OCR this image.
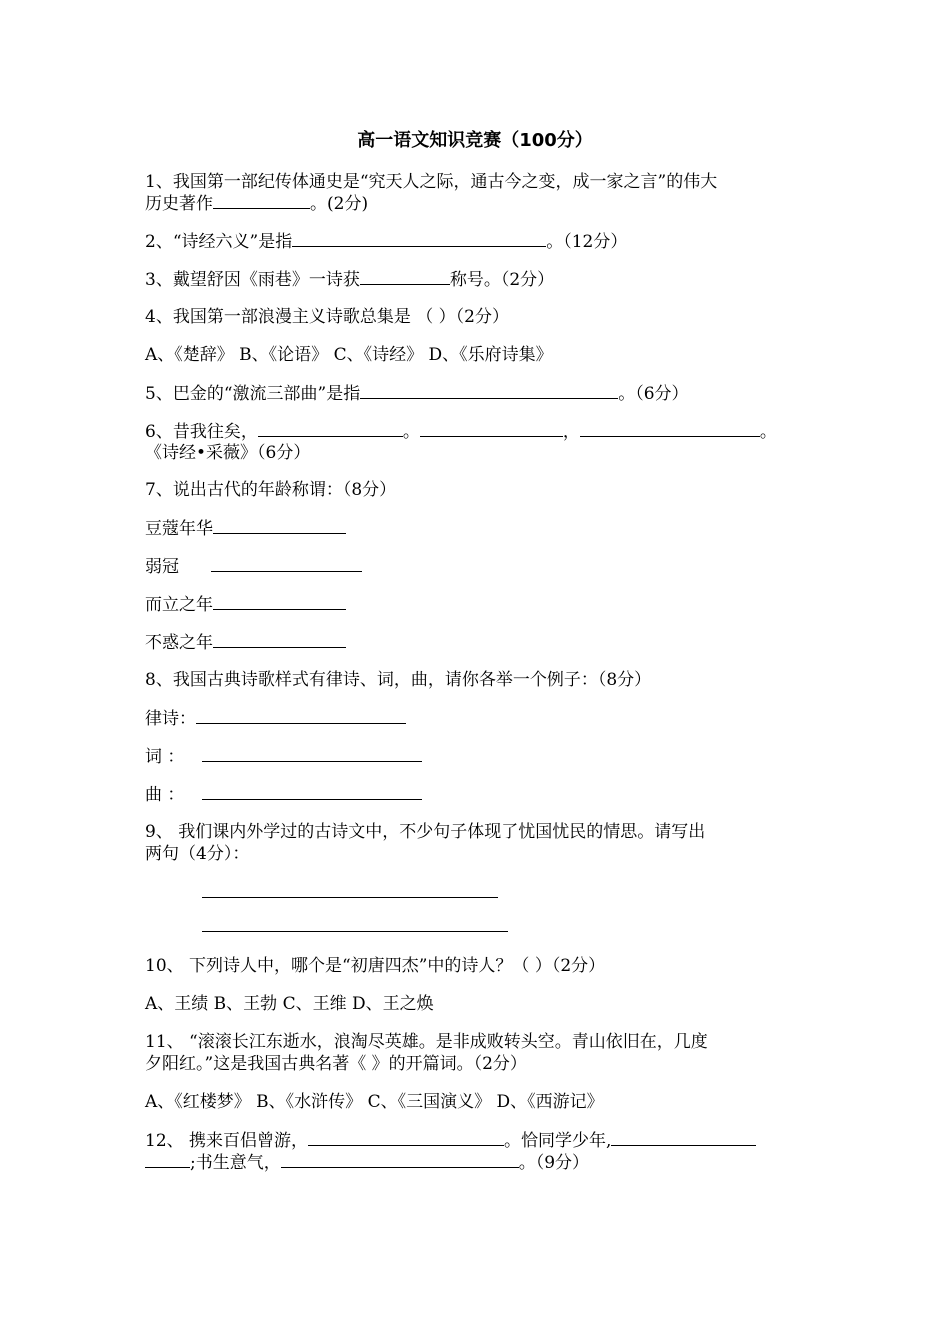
高一语文知识竞赛（100分）
1、我国第一部纪传体通史是“究天人之际，通古今之变，成一家之言”的伟大
历史著作	。(2分)
2、“诗经六义”是指	。（12分）
3、戴望舒因《雨巷》一诗获	称号。（2分）
4、我国第一部浪漫主义诗歌总集是 （ ）（2分）
A、《楚辞》 B、《论语》 C、《诗经》 D、《乐府诗集》
5、巴金的“激流三部曲”是指	。（6分）
6、昔我往矣，	。	，	。
《诗经•采薇》（6分）
7、说出古代的年龄称谓：（8分）
豆蔻年华
弱冠
而立之年
不惑之年
8、我国古典诗歌样式有律诗、词，曲，请你各举一个例子：（8分）
律诗：
词 ：
曲 ：
9、 我们课内外学过的古诗文中，不少句子体现了忧国忧民的情思。请写出
两句（4分）：
10、 下列诗人中，哪个是“初唐四杰”中的诗人？（ ）（2分）
A、王绩 B、王勃 C、王维 D、王之焕
11、 “滚滚长江东逝水，浪淘尽英雄。是非成败转头空。青山依旧在，几度
夕阳红。”这是我国古典名著《 》的开篇词。（2分）
A、《红楼梦》 B、《水浒传》 C、《三国演义》 D、《西游记》
12、 携来百侣曾游，	。恰同学少年,
;书生意气，	。（9分）
